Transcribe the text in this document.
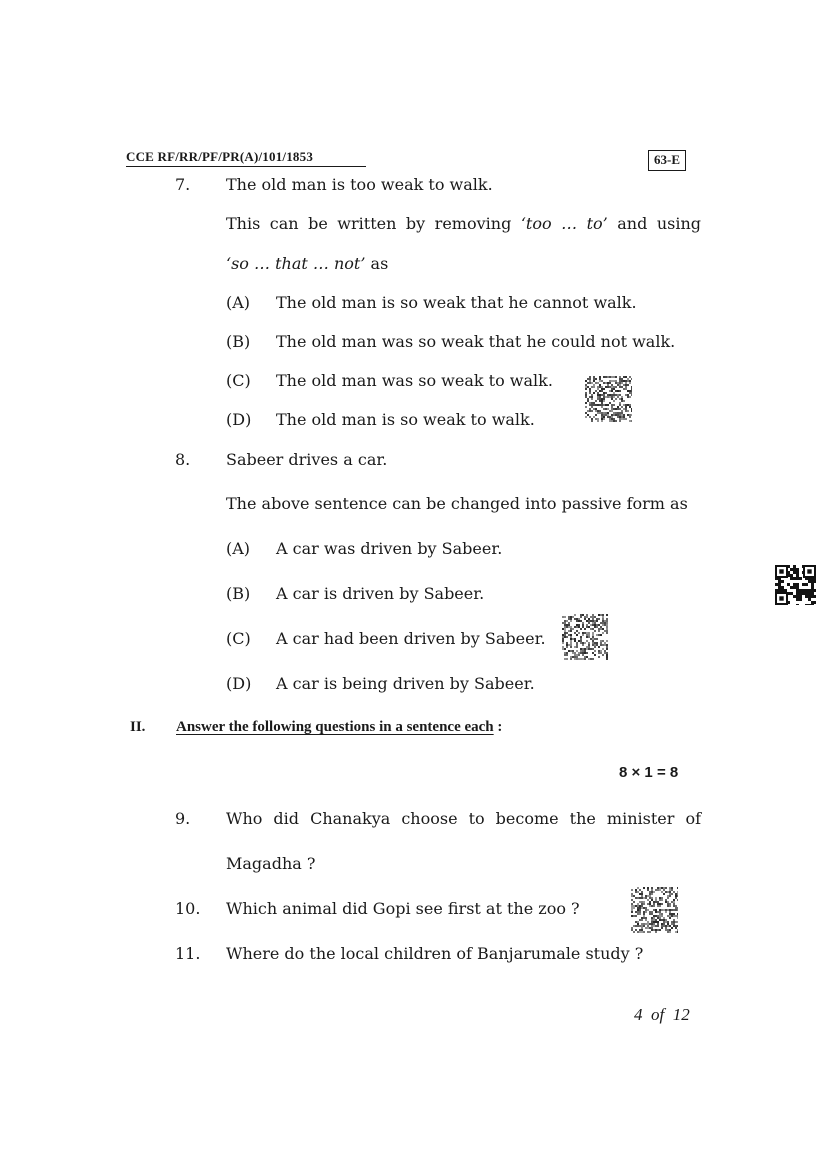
CCE RF/RR/PF/PR(A)/101/1853	63-E
7. The old man is too weak to walk.
This can be written by removing ‘too … to’ and using
‘so … that … not’ as
(A) The old man is so weak that he cannot walk.
(B) The old man was so weak that he could not walk.
(C) The old man was so weak to walk.
(D) The old man is so weak to walk.
8. Sabeer drives a car.
The above sentence can be changed into passive form as
(A) A car was driven by Sabeer.
(B) A car is driven by Sabeer.
(C) A car had been driven by Sabeer.
(D) A car is being driven by Sabeer.
II. Answer the following questions in a sentence each :
8 × 1 = 8
9. Who did Chanakya choose to become the minister of
Magadha ?
10. Which animal did Gopi see first at the zoo ?
11. Where do the local children of Banjarumale study ?
4  of  12
